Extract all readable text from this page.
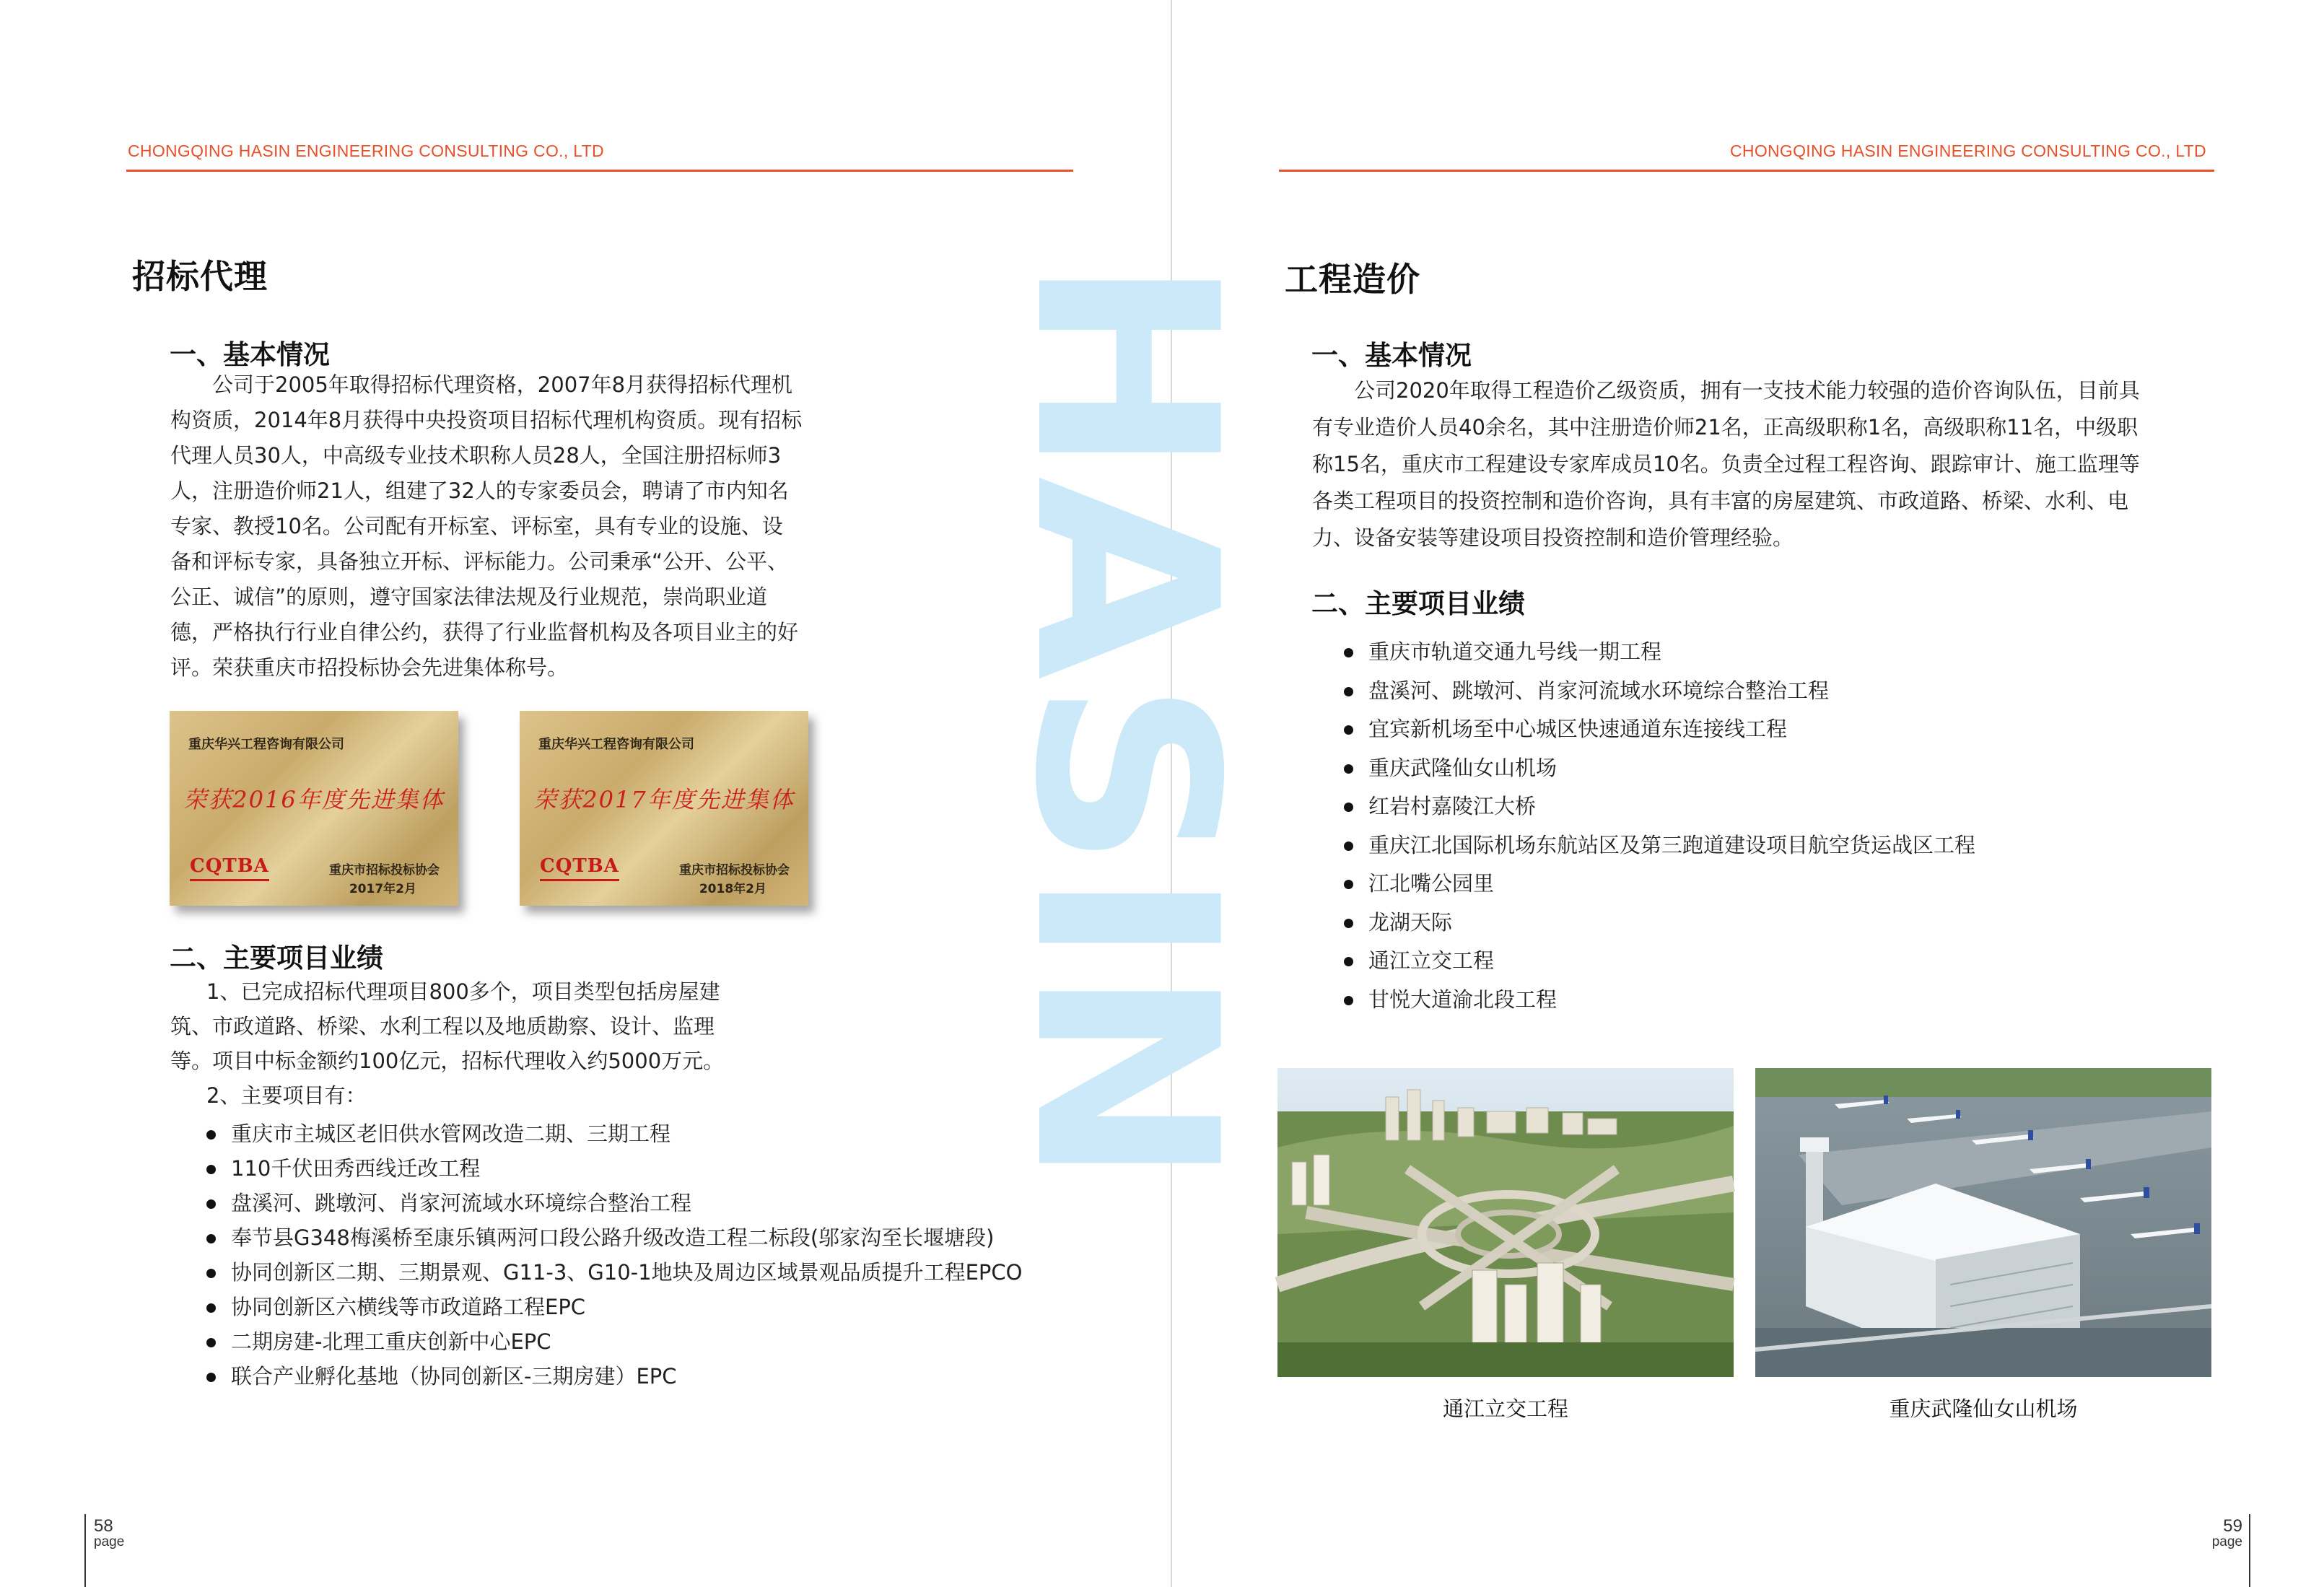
CHONGQING HASIN ENGINEERING CONSULTING CO., LTD
HASIN
招标代理
一、基本情况

公司于2005年取得招标代理资格，2007年8月获得招标代理机

构资质，2014年8月获得中央投资项目招标代理机构资质。现有招标

代理人员30人，中高级专业技术职称人员28人，全国注册招标师3

人，注册造价师21人，组建了32人的专家委员会，聘请了市内知名

专家、教授10名。公司配有开标室、评标室，具有专业的设施、设

备和评标专家，具备独立开标、评标能力。公司秉承“公开、公平、

公正、诚信”的原则，遵守国家法律法规及行业规范，崇尚职业道

德，严格执行行业自律公约，获得了行业监督机构及各项目业主的好

评。荣获重庆市招投标协会先进集体称号。

重庆华兴工程咨询有限公司
荣获2016年度先进集体
CQTBA	重庆市招标投标协会
2017年2月
重庆华兴工程咨询有限公司
荣获2017年度先进集体
CQTBA	重庆市招标投标协会
2018年2月
二、主要项目业绩

1、已完成招标代理项目800多个，项目类型包括房屋建

筑、市政道路、桥梁、水利工程以及地质勘察、设计、监理

等。项目中标金额约100亿元，招标代理收入约5000万元。

2、主要项目有：

重庆市主城区老旧供水管网改造二期、三期工程
110千伏田秀西线迁改工程
盘溪河、跳墩河、肖家河流域水环境综合整治工程
奉节县G348梅溪桥至康乐镇两河口段公路升级改造工程二标段(邬家沟至长堰塘段)
协同创新区二期、三期景观、G11-3、G10-1地块及周边区域景观品质提升工程EPCO
协同创新区六横线等市政道路工程EPC
二期房建-北理工重庆创新中心EPC
联合产业孵化基地（协同创新区-三期房建）EPC
58
page
CHONGQING HASIN ENGINEERING CONSULTING CO., LTD
工程造价
一、基本情况

公司2020年取得工程造价乙级资质，拥有一支技术能力较强的造价咨询队伍，目前具

有专业造价人员40余名，其中注册造价师21名，正高级职称1名，高级职称11名，中级职

称15名，重庆市工程建设专家库成员10名。负责全过程工程咨询、跟踪审计、施工监理等

各类工程项目的投资控制和造价咨询，具有丰富的房屋建筑、市政道路、桥梁、水利、电

力、设备安装等建设项目投资控制和造价管理经验。

二、主要项目业绩
重庆市轨道交通九号线一期工程
盘溪河、跳墩河、肖家河流域水环境综合整治工程
宜宾新机场至中心城区快速通道东连接线工程
重庆武隆仙女山机场
红岩村嘉陵江大桥
重庆江北国际机场东航站区及第三跑道建设项目航空货运战区工程
江北嘴公园里
龙湖天际
通江立交工程
甘悦大道渝北段工程
通江立交工程	重庆武隆仙女山机场
59
page
